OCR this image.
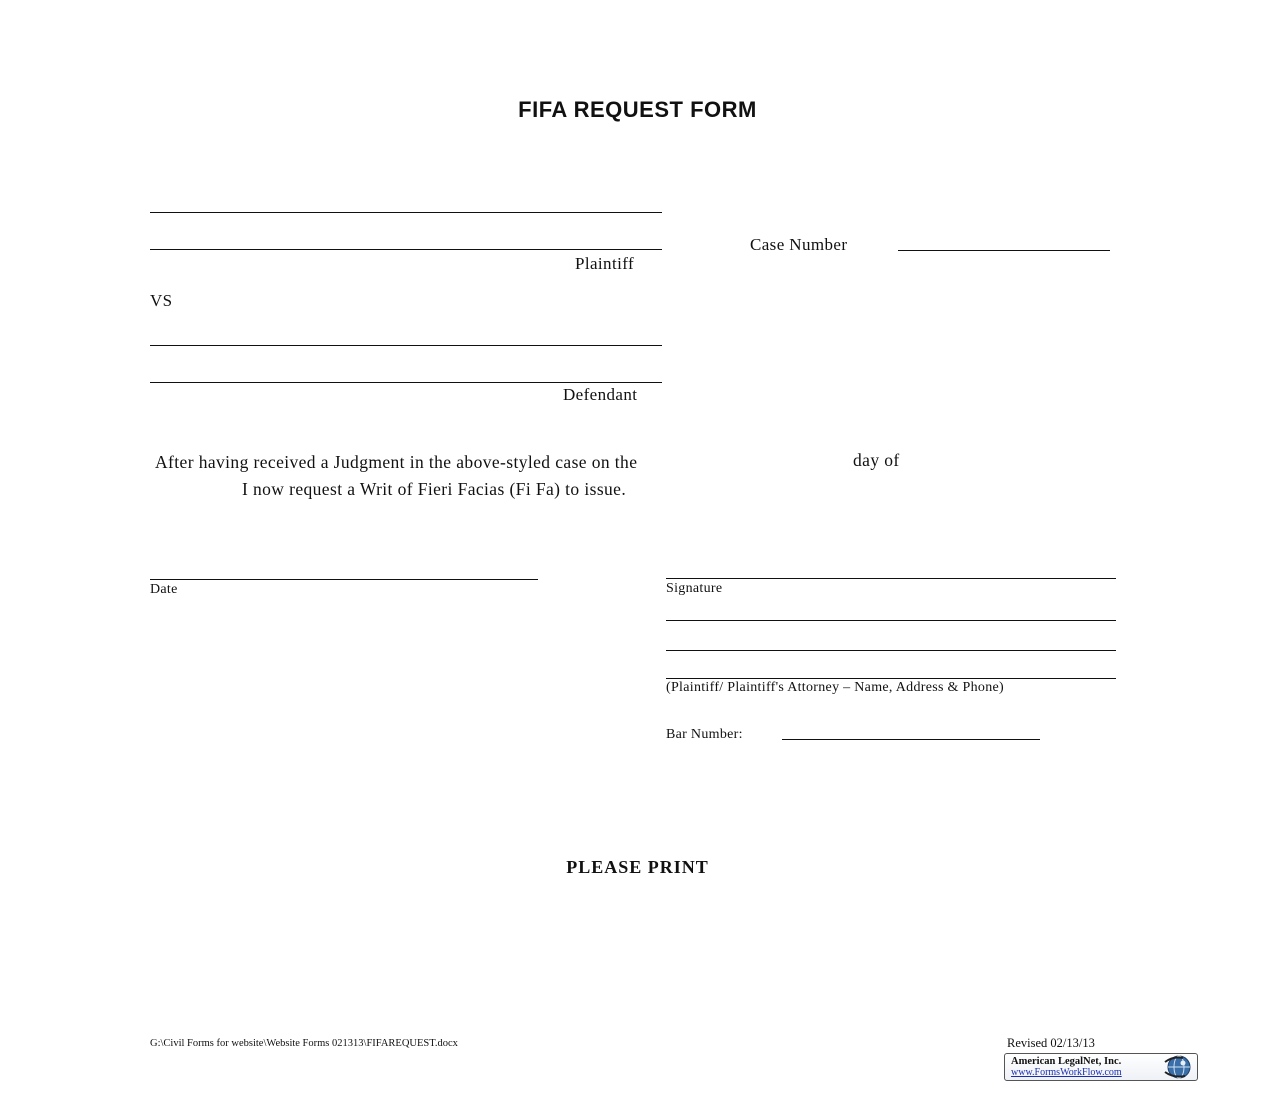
FIFA REQUEST FORM
Plaintiff
Case Number
VS
Defendant
After having received a Judgment in the above-styled case on the	day of
I now request a Writ of Fieri Facias (Fi Fa) to issue.
Date	Signature
(Plaintiff/ Plaintiff's Attorney – Name, Address & Phone)
Bar Number:
PLEASE PRINT
G:\Civil Forms for website\Website Forms 021313\FIFAREQUEST.docx	Revised 02/13/13
American LegalNet, Inc.
www.FormsWorkFlow.com
